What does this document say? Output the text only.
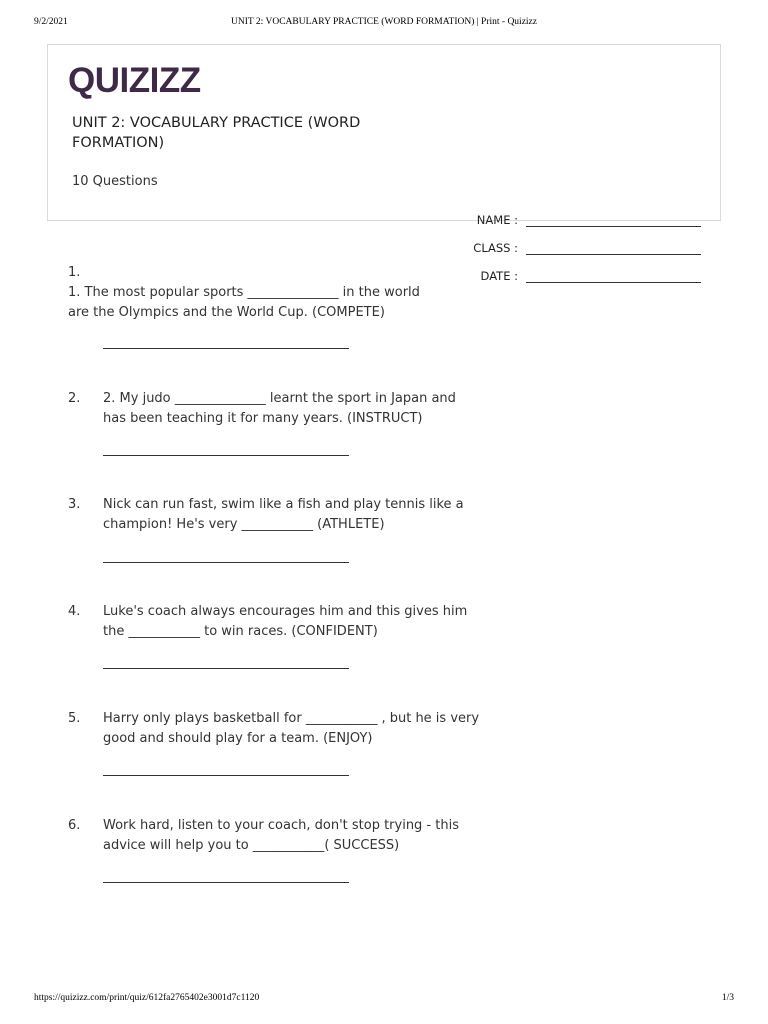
9/2/2021	UNIT 2: VOCABULARY PRACTICE (WORD FORMATION) | Print - Quizizz
QUIZIZZ
UNIT 2: VOCABULARY PRACTICE (WORD FORMATION)
10 Questions
NAME :
CLASS :
DATE :
1.
1. The most popular sports ______________ in the world are the Olympics and the World Cup. (COMPETE)
2. 2. My judo ______________ learnt the sport in Japan and has been teaching it for many years. (INSTRUCT)
3. Nick can run fast, swim like a fish and play tennis like a champion! He's very ___________ (ATHLETE)
4. Luke's coach always encourages him and this gives him the ___________ to win races. (CONFIDENT)
5. Harry only plays basketball for ___________ , but he is very good and should play for a team. (ENJOY)
6. Work hard, listen to your coach, don't stop trying - this advice will help you to ___________( SUCCESS)
https://quizizz.com/print/quiz/612fa2765402e3001d7c1120	1/3
